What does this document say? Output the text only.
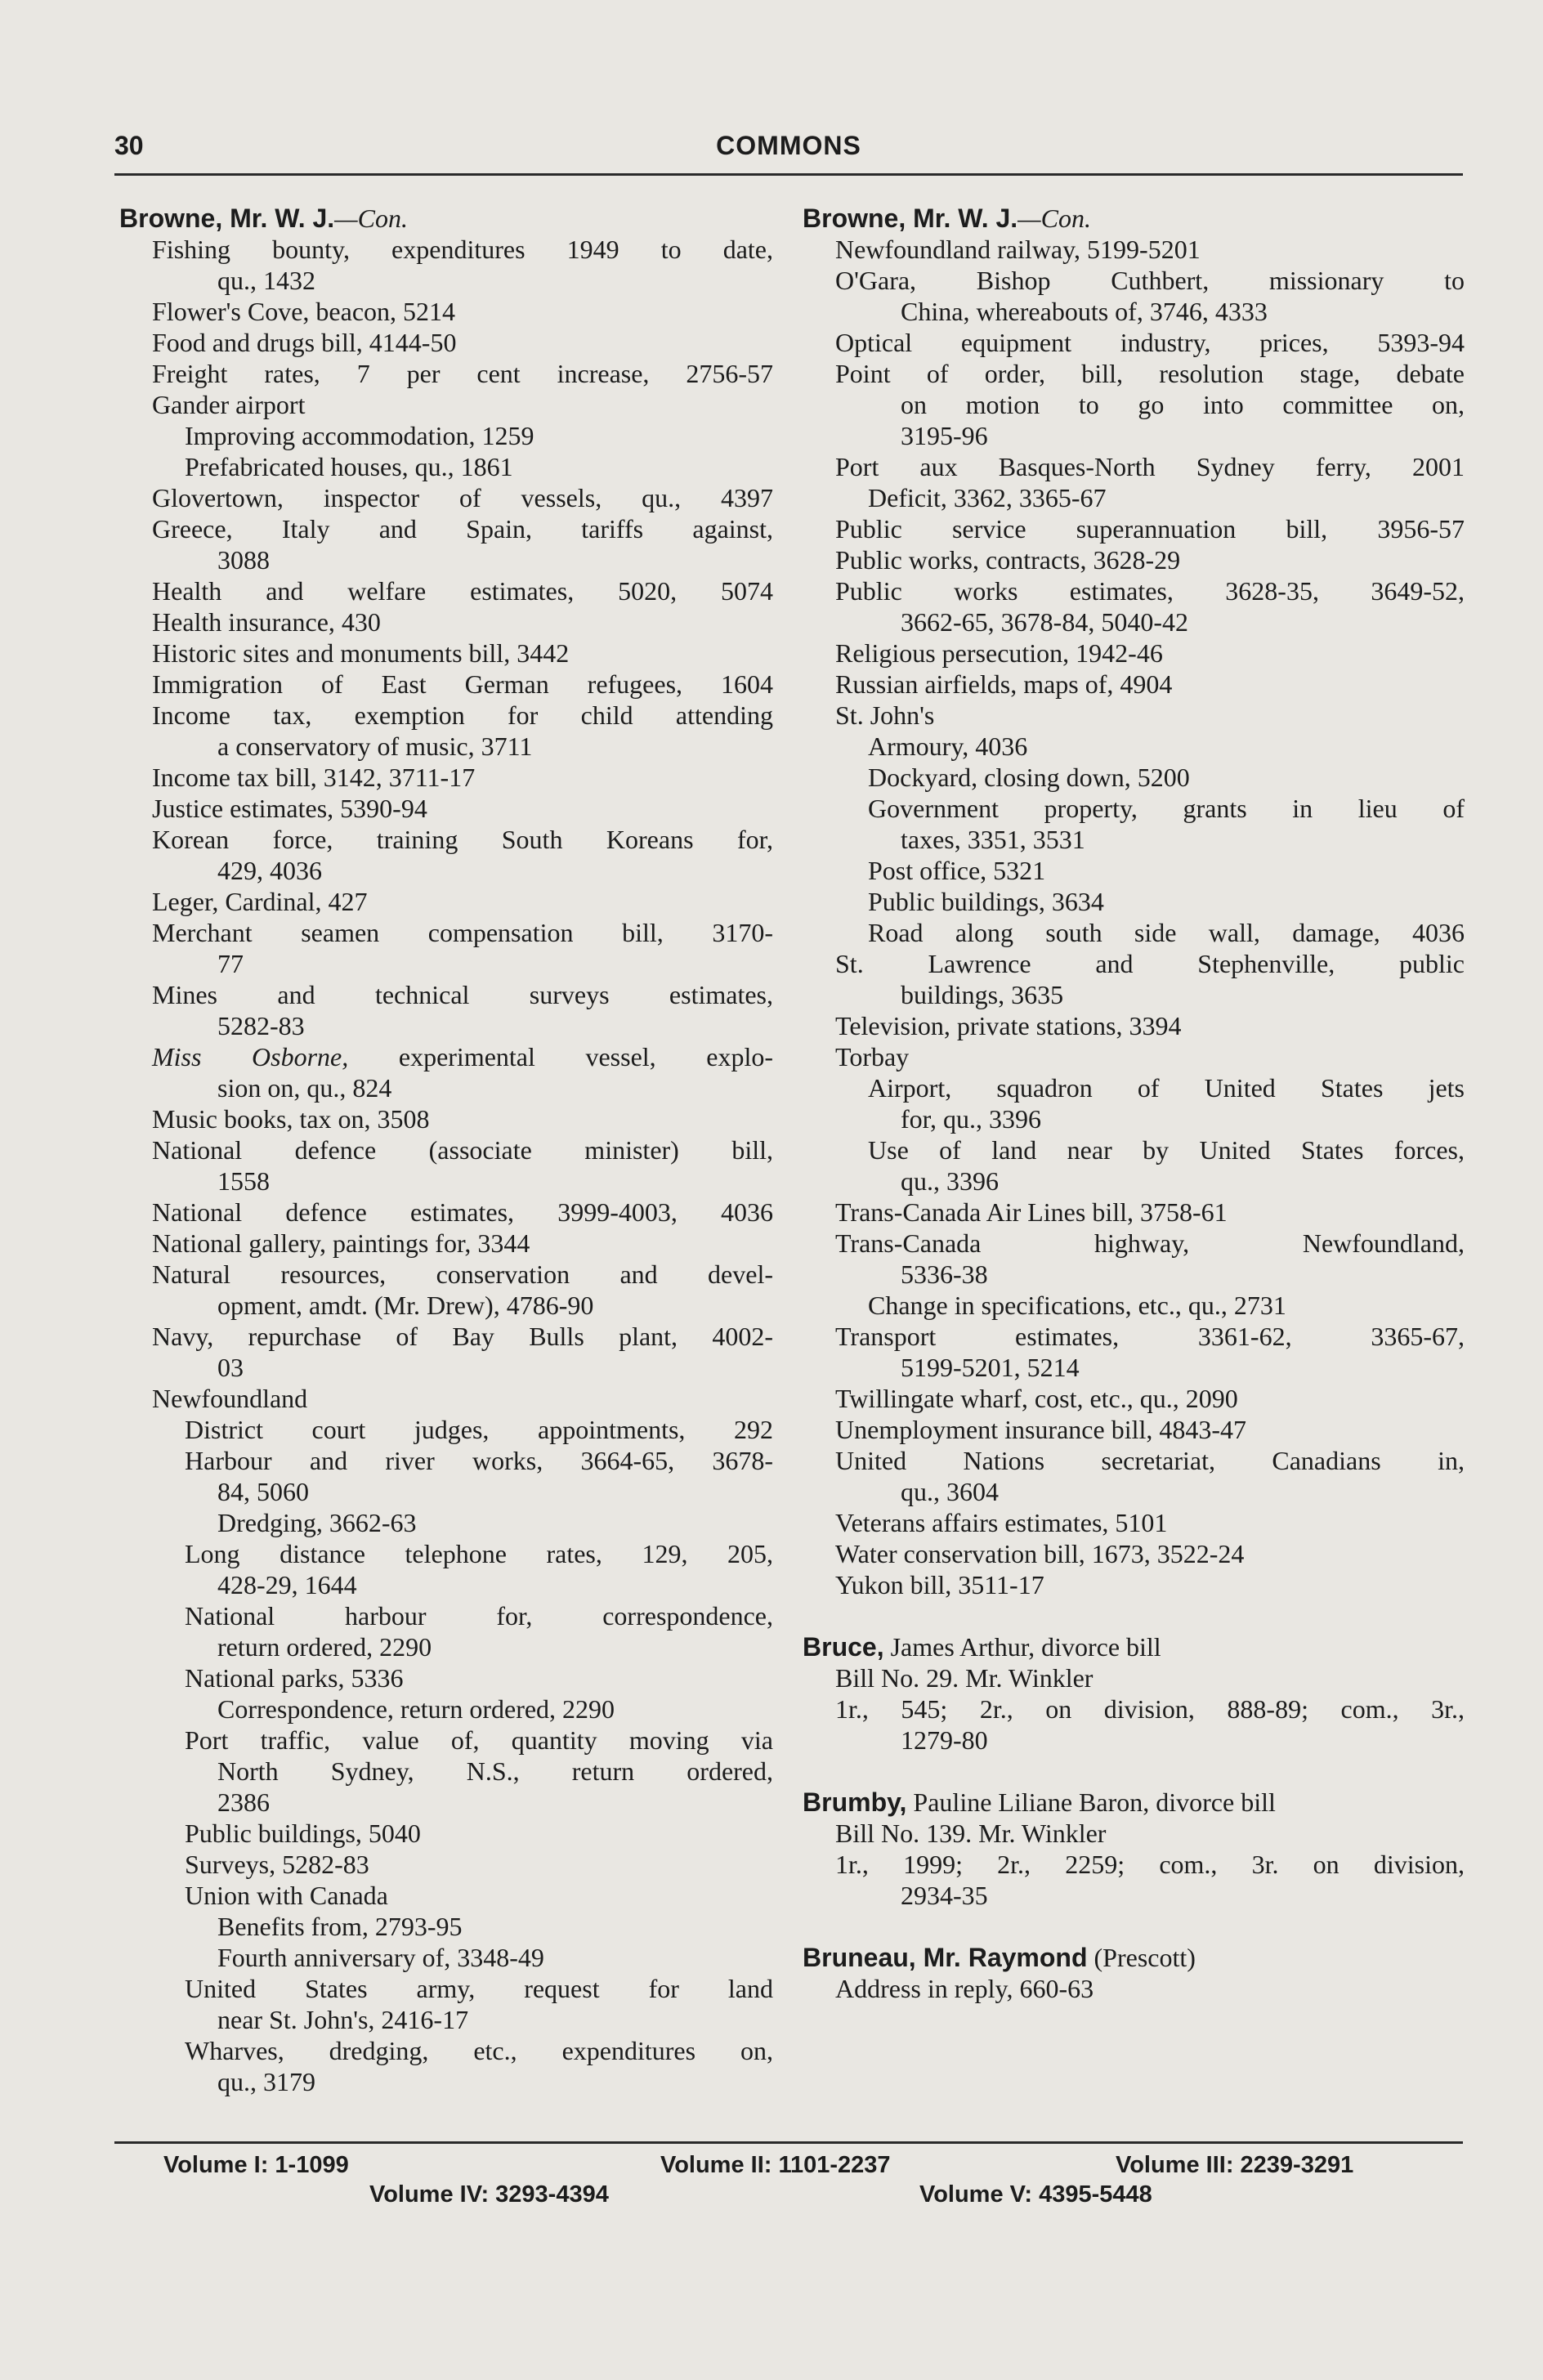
30	COMMONS
Browne, Mr. W. J.—Con.
Fishing bounty, expenditures 1949 to date,
qu., 1432
Flower's Cove, beacon, 5214
Food and drugs bill, 4144-50
Freight rates, 7 per cent increase, 2756-57
Gander airport
Improving accommodation, 1259
Prefabricated houses, qu., 1861
Glovertown, inspector of vessels, qu., 4397
Greece, Italy and Spain, tariffs against,
3088
Health and welfare estimates, 5020, 5074
Health insurance, 430
Historic sites and monuments bill, 3442
Immigration of East German refugees, 1604
Income tax, exemption for child attending
a conservatory of music, 3711
Income tax bill, 3142, 3711-17
Justice estimates, 5390-94
Korean force, training South Koreans for,
429, 4036
Leger, Cardinal, 427
Merchant seamen compensation bill, 3170-
77
Mines and technical surveys estimates,
5282-83
Miss Osborne, experimental vessel, explo-
sion on, qu., 824
Music books, tax on, 3508
National defence (associate minister) bill,
1558
National defence estimates, 3999-4003, 4036
National gallery, paintings for, 3344
Natural resources, conservation and devel-
opment, amdt. (Mr. Drew), 4786-90
Navy, repurchase of Bay Bulls plant, 4002-
03
Newfoundland
District court judges, appointments, 292
Harbour and river works, 3664-65, 3678-
84, 5060
Dredging, 3662-63
Long distance telephone rates, 129, 205,
428-29, 1644
National harbour for, correspondence,
return ordered, 2290
National parks, 5336
Correspondence, return ordered, 2290
Port traffic, value of, quantity moving via
North Sydney, N.S., return ordered,
2386
Public buildings, 5040
Surveys, 5282-83
Union with Canada
Benefits from, 2793-95
Fourth anniversary of, 3348-49
United States army, request for land
near St. John's, 2416-17
Wharves, dredging, etc., expenditures on,
qu., 3179
Browne, Mr. W. J.—Con.
Newfoundland railway, 5199-5201
O'Gara, Bishop Cuthbert, missionary to
China, whereabouts of, 3746, 4333
Optical equipment industry, prices, 5393-94
Point of order, bill, resolution stage, debate
on motion to go into committee on,
3195-96
Port aux Basques-North Sydney ferry, 2001
Deficit, 3362, 3365-67
Public service superannuation bill, 3956-57
Public works, contracts, 3628-29
Public works estimates, 3628-35, 3649-52,
3662-65, 3678-84, 5040-42
Religious persecution, 1942-46
Russian airfields, maps of, 4904
St. John's
Armoury, 4036
Dockyard, closing down, 5200
Government property, grants in lieu of
taxes, 3351, 3531
Post office, 5321
Public buildings, 3634
Road along south side wall, damage, 4036
St. Lawrence and Stephenville, public
buildings, 3635
Television, private stations, 3394
Torbay
Airport, squadron of United States jets
for, qu., 3396
Use of land near by United States forces,
qu., 3396
Trans-Canada Air Lines bill, 3758-61
Trans-Canada highway, Newfoundland,
5336-38
Change in specifications, etc., qu., 2731
Transport estimates, 3361-62, 3365-67,
5199-5201, 5214
Twillingate wharf, cost, etc., qu., 2090
Unemployment insurance bill, 4843-47
United Nations secretariat, Canadians in,
qu., 3604
Veterans affairs estimates, 5101
Water conservation bill, 1673, 3522-24
Yukon bill, 3511-17
Bruce, James Arthur, divorce bill
Bill No. 29. Mr. Winkler
1r., 545; 2r., on division, 888-89; com., 3r.,
1279-80
Brumby, Pauline Liliane Baron, divorce bill
Bill No. 139. Mr. Winkler
1r., 1999; 2r., 2259; com., 3r. on division,
2934-35
Bruneau, Mr. Raymond (Prescott)
Address in reply, 660-63
Volume I: 1-1099	Volume II: 1101-2237	Volume III: 2239-3291
Volume IV: 3293-4394	Volume V: 4395-5448
